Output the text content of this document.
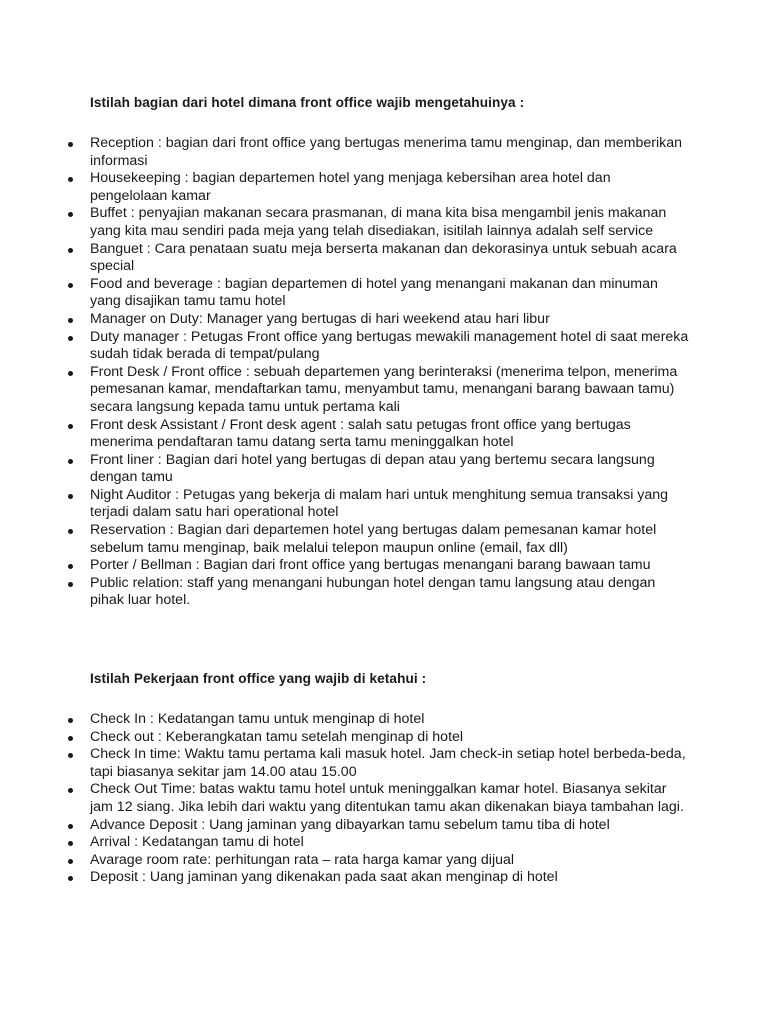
Istilah bagian dari hotel dimana front office wajib mengetahuinya :
Reception : bagian dari front office yang bertugas menerima tamu menginap, dan memberikan informasi
Housekeeping : bagian departemen hotel yang menjaga kebersihan area hotel dan pengelolaan kamar
Buffet : penyajian makanan secara prasmanan, di mana kita bisa mengambil jenis makanan yang kita mau sendiri pada meja yang telah disediakan, isitilah lainnya adalah self service
Banguet : Cara penataan suatu meja berserta makanan dan dekorasinya untuk sebuah acara special
Food and beverage : bagian departemen di hotel yang menangani makanan dan minuman yang disajikan tamu tamu hotel
Manager on Duty: Manager yang bertugas di hari weekend atau hari libur
Duty manager : Petugas Front office yang bertugas mewakili management hotel di saat mereka sudah tidak berada di tempat/pulang
Front Desk / Front office : sebuah departemen yang berinteraksi (menerima telpon, menerima pemesanan kamar, mendaftarkan tamu, menyambut tamu, menangani barang bawaan tamu) secara langsung kepada tamu untuk pertama kali
Front desk Assistant / Front desk agent : salah satu petugas front office yang bertugas menerima pendaftaran tamu datang serta tamu meninggalkan hotel
Front liner : Bagian dari hotel yang bertugas di depan atau yang bertemu secara langsung dengan tamu
Night Auditor : Petugas yang bekerja di malam hari untuk menghitung semua transaksi yang terjadi dalam satu hari operational hotel
Reservation : Bagian dari departemen hotel yang bertugas dalam pemesanan kamar hotel sebelum tamu menginap, baik melalui telepon maupun online (email, fax dll)
Porter / Bellman : Bagian dari front office yang bertugas menangani barang bawaan tamu
Public relation: staff yang menangani hubungan hotel dengan tamu langsung atau dengan pihak luar hotel.
Istilah Pekerjaan front office yang wajib di ketahui :
Check In : Kedatangan tamu untuk menginap di hotel
Check out : Keberangkatan tamu setelah menginap di hotel
Check In time: Waktu tamu pertama kali masuk hotel. Jam check-in setiap hotel berbeda-beda, tapi biasanya sekitar jam 14.00 atau 15.00
Check Out Time: batas waktu tamu hotel untuk meninggalkan kamar hotel. Biasanya sekitar jam 12 siang. Jika lebih dari waktu yang ditentukan tamu akan dikenakan biaya tambahan lagi.
Advance Deposit : Uang jaminan yang dibayarkan tamu sebelum tamu tiba di hotel
Arrival : Kedatangan tamu di hotel
Avarage room rate: perhitungan rata – rata harga kamar yang dijual
Deposit : Uang jaminan yang dikenakan pada saat akan menginap di hotel
